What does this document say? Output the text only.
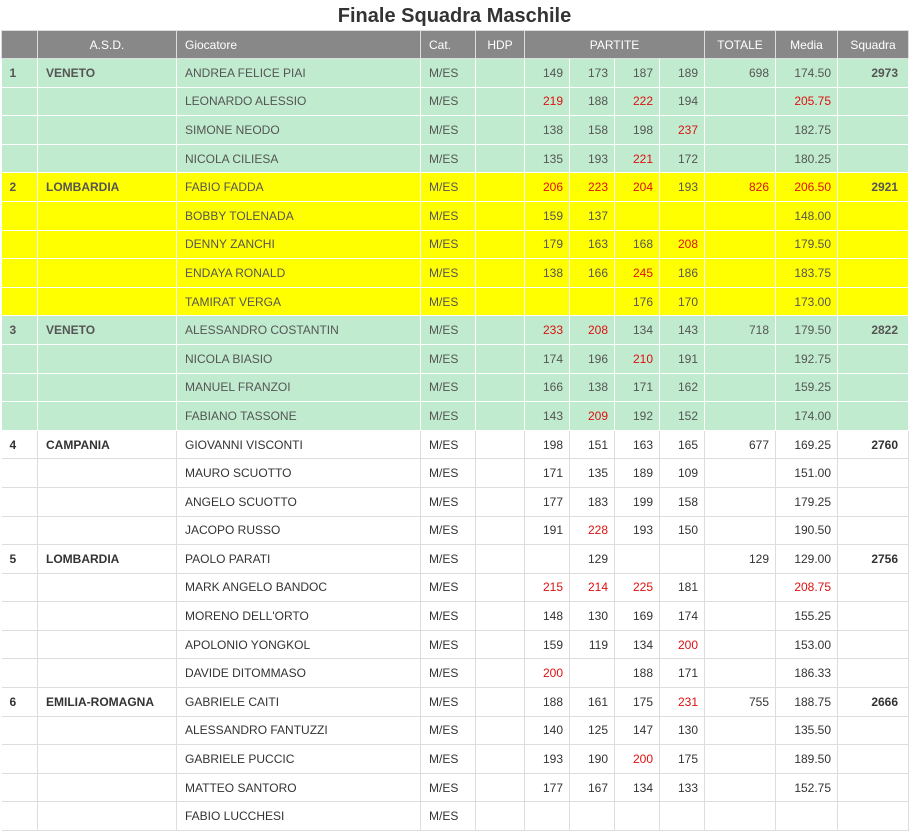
Finale Squadra Maschile
	A.S.D.	Giocatore	Cat.	HDP	PARTITE				TOTALE	Media	Squadra
1	VENETO	ANDREA FELICE PIAI	M/ES		149	173	187	189	698	174.50	2973
		LEONARDO ALESSIO	M/ES		219	188	222	194		205.75	
		SIMONE NEODO	M/ES		138	158	198	237		182.75	
		NICOLA CILIESA	M/ES		135	193	221	172		180.25	
2	LOMBARDIA	FABIO FADDA	M/ES		206	223	204	193	826	206.50	2921
		BOBBY TOLENADA	M/ES		159	137				148.00	
		DENNY ZANCHI	M/ES		179	163	168	208		179.50	
		ENDAYA RONALD	M/ES		138	166	245	186		183.75	
		TAMIRAT VERGA	M/ES				176	170		173.00	
3	VENETO	ALESSANDRO COSTANTIN	M/ES		233	208	134	143	718	179.50	2822
		NICOLA BIASIO	M/ES		174	196	210	191		192.75	
		MANUEL FRANZOI	M/ES		166	138	171	162		159.25	
		FABIANO TASSONE	M/ES		143	209	192	152		174.00	
4	CAMPANIA	GIOVANNI VISCONTI	M/ES		198	151	163	165	677	169.25	2760
		MAURO SCUOTTO	M/ES		171	135	189	109		151.00	
		ANGELO SCUOTTO	M/ES		177	183	199	158		179.25	
		JACOPO RUSSO	M/ES		191	228	193	150		190.50	
5	LOMBARDIA	PAOLO PARATI	M/ES			129			129	129.00	2756
		MARK ANGELO BANDOC	M/ES		215	214	225	181		208.75	
		MORENO DELL'ORTO	M/ES		148	130	169	174		155.25	
		APOLONIO YONGKOL	M/ES		159	119	134	200		153.00	
		DAVIDE DITOMMASO	M/ES		200		188	171		186.33	
6	EMILIA-ROMAGNA	GABRIELE CAITI	M/ES		188	161	175	231	755	188.75	2666
		ALESSANDRO FANTUZZI	M/ES		140	125	147	130		135.50	
		GABRIELE PUCCIC	M/ES		193	190	200	175		189.50	
		MATTEO SANTORO	M/ES		177	167	134	133		152.75	
		FABIO LUCCHESI	M/ES								
